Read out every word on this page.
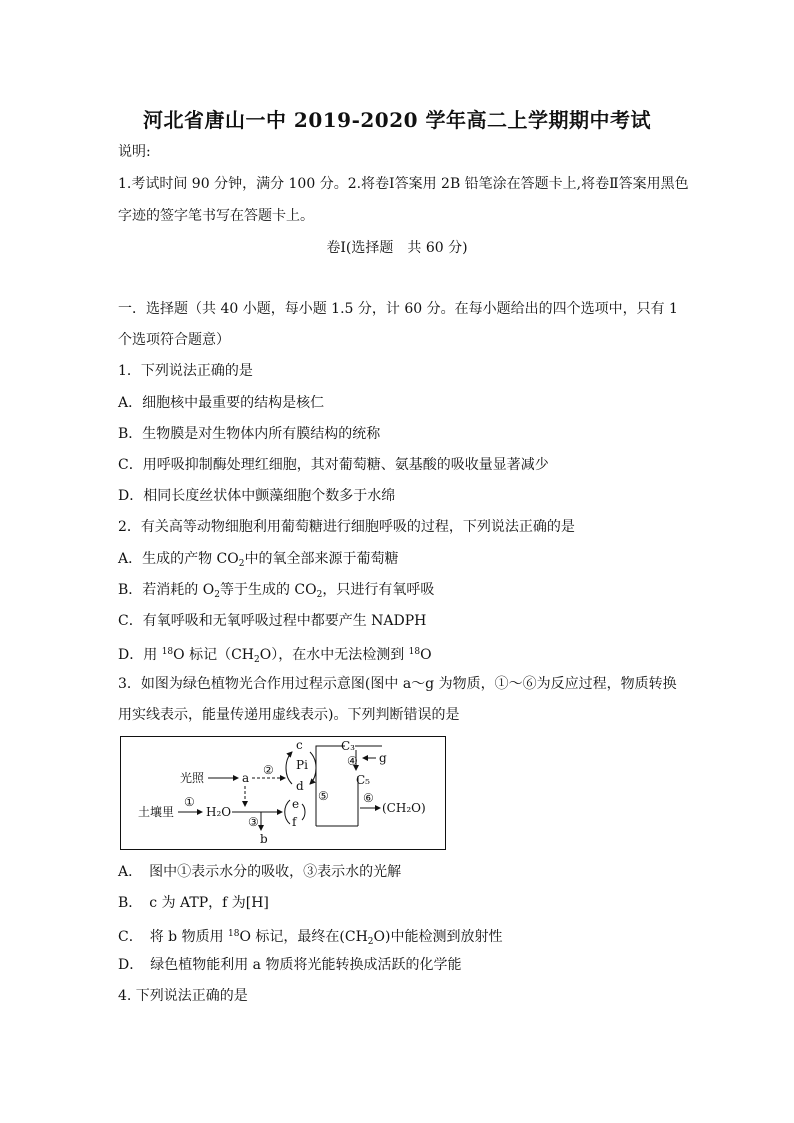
河北省唐山一中 2019-2020 学年高二上学期期中考试
说明:
1.考试时间 90 分钟，满分 100 分。2.将卷Ⅰ答案用 2B 铅笔涂在答题卡上,将卷Ⅱ答案用黑色
字迹的签字笔书写在答题卡上。
卷Ⅰ(选择题　共 60 分)
一．选择题（共 40 小题，每小题 1.5 分，计 60 分。在每小题给出的四个选项中，只有 1
个选项符合题意）
1．下列说法正确的是
A．细胞核中最重要的结构是核仁
B．生物膜是对生物体内所有膜结构的统称
C．用呼吸抑制酶处理红细胞，其对葡萄糖、氨基酸的吸收量显著减少
D．相同长度丝状体中颤藻细胞个数多于水绵
2．有关高等动物细胞利用葡萄糖进行细胞呼吸的过程，下列说法正确的是
A．生成的产物 $CO_2$中的氧全部来源于葡萄糖
B．若消耗的 $O_2$等于生成的 $CO_2$，只进行有氧呼吸
C．有氧呼吸和无氧呼吸过程中都要产生 NADPH
D．用 $^{18}$O 标记$(CH_2O)$，在水中无法检测到 $^{18}$O
3．如图为绿色植物光合作用过程示意图(图中 a～g 为物质，①～⑥为反应过程，物质转换
用实线表示，能量传递用虚线表示)。下列判断错误的是
光照	a
②
c
Pi
d
土壤里
①
H₂O
③
b
e
f
C₃
④ g
C₅
⑤	⑥
(CH₂O)
A．　图中①表示水分的吸收，③表示水的光解
B．　c 为 ATP，f 为[H]
C．　将 b 物质用 $^{18}$O 标记，最终在$(CH_2O)$中能检测到放射性
D．　绿色植物能利用 a 物质将光能转换成活跃的化学能
4. 下列说法正确的是
